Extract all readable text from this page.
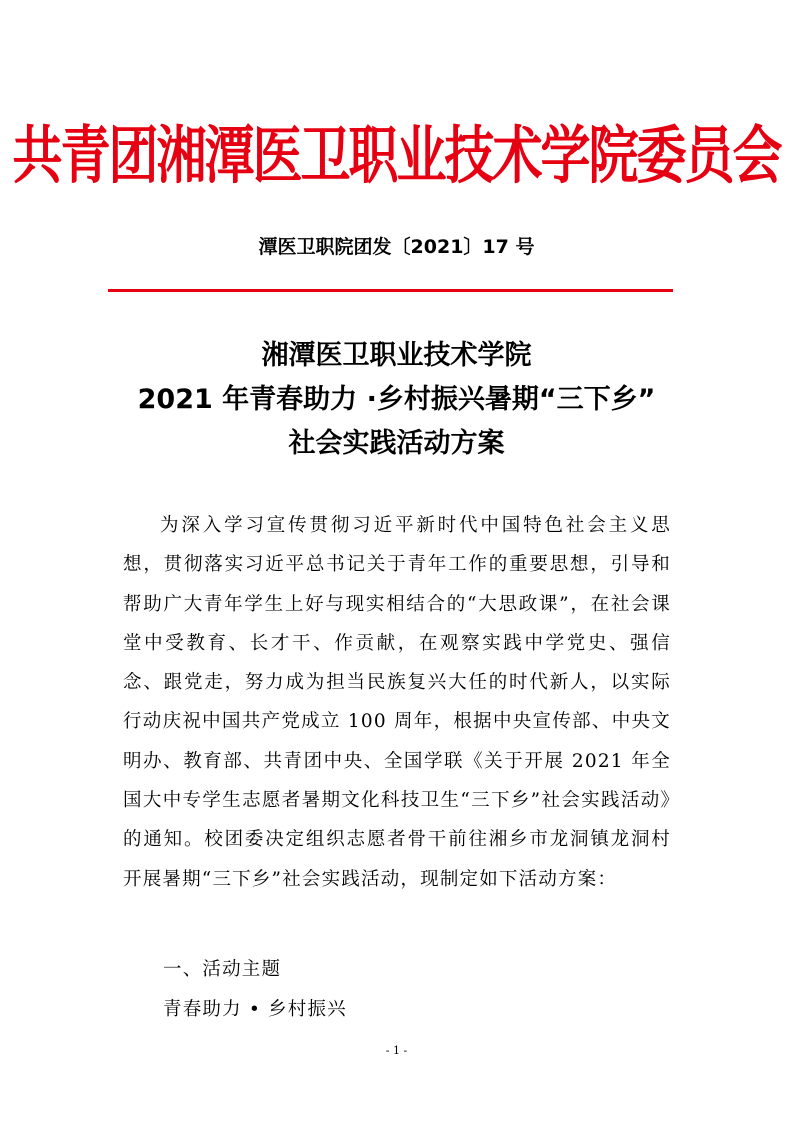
共青团湘潭医卫职业技术学院委员会
潭医卫职院团发〔2021〕17 号
湘潭医卫职业技术学院
2021 年青春助力 ·乡村振兴暑期“三下乡”
社会实践活动方案

为深入学习宣传贯彻习近平新时代中国特色社会主义思想，贯彻落实习近平总书记关于青年工作的重要思想，引导和帮助广大青年学生上好与现实相结合的“大思政课”，在社会课堂中受教育、长才干、作贡献，在观察实践中学党史、强信念、跟党走，努力成为担当民族复兴大任的时代新人，以实际行动庆祝中国共产党成立 100 周年，根据中央宣传部、中央文明办、教育部、共青团中央、全国学联《关于开展 2021 年全国大中专学生志愿者暑期文化科技卫生“三下乡”社会实践活动》的通知。校团委决定组织志愿者骨干前往湘乡市龙洞镇龙洞村开展暑期“三下乡”社会实践活动，现制定如下活动方案：

一、活动主题
青春助力 • 乡村振兴
- 1 -
